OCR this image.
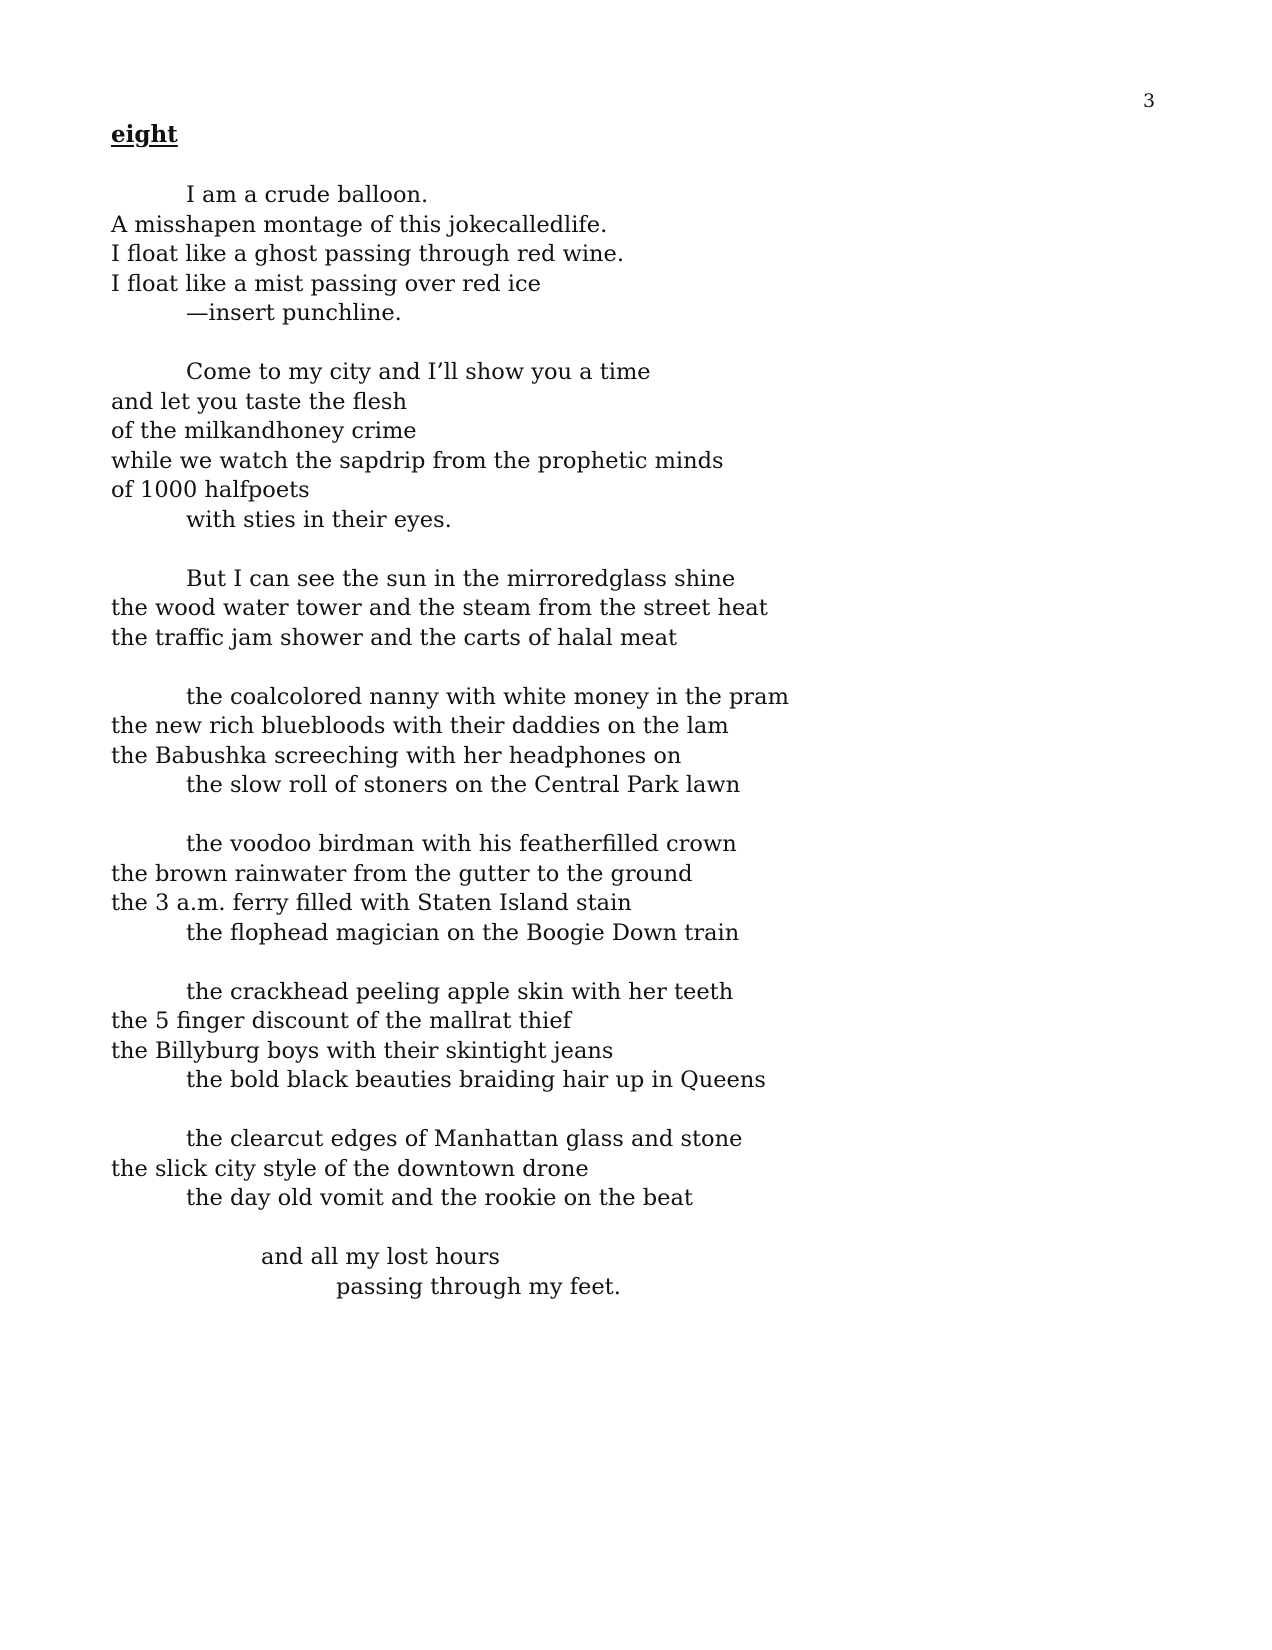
3
eight
I am a crude balloon.
A misshapen montage of this jokecalledlife.
I float like a ghost passing through red wine.
I float like a mist passing over red ice
—insert punchline.
Come to my city and I’ll show you a time
and let you taste the flesh
of the milkandhoney crime
while we watch the sapdrip from the prophetic minds
of 1000 halfpoets
with sties in their eyes.
But I can see the sun in the mirroredglass shine
the wood water tower and the steam from the street heat
the traffic jam shower and the carts of halal meat
the coalcolored nanny with white money in the pram
the new rich bluebloods with their daddies on the lam
the Babushka screeching with her headphones on
the slow roll of stoners on the Central Park lawn
the voodoo birdman with his featherfilled crown
the brown rainwater from the gutter to the ground
the 3 a.m. ferry filled with Staten Island stain
the flophead magician on the Boogie Down train
the crackhead peeling apple skin with her teeth
the 5 finger discount of the mallrat thief
the Billyburg boys with their skintight jeans
the bold black beauties braiding hair up in Queens
the clearcut edges of Manhattan glass and stone
the slick city style of the downtown drone
the day old vomit and the rookie on the beat
and all my lost hours
passing through my feet.
